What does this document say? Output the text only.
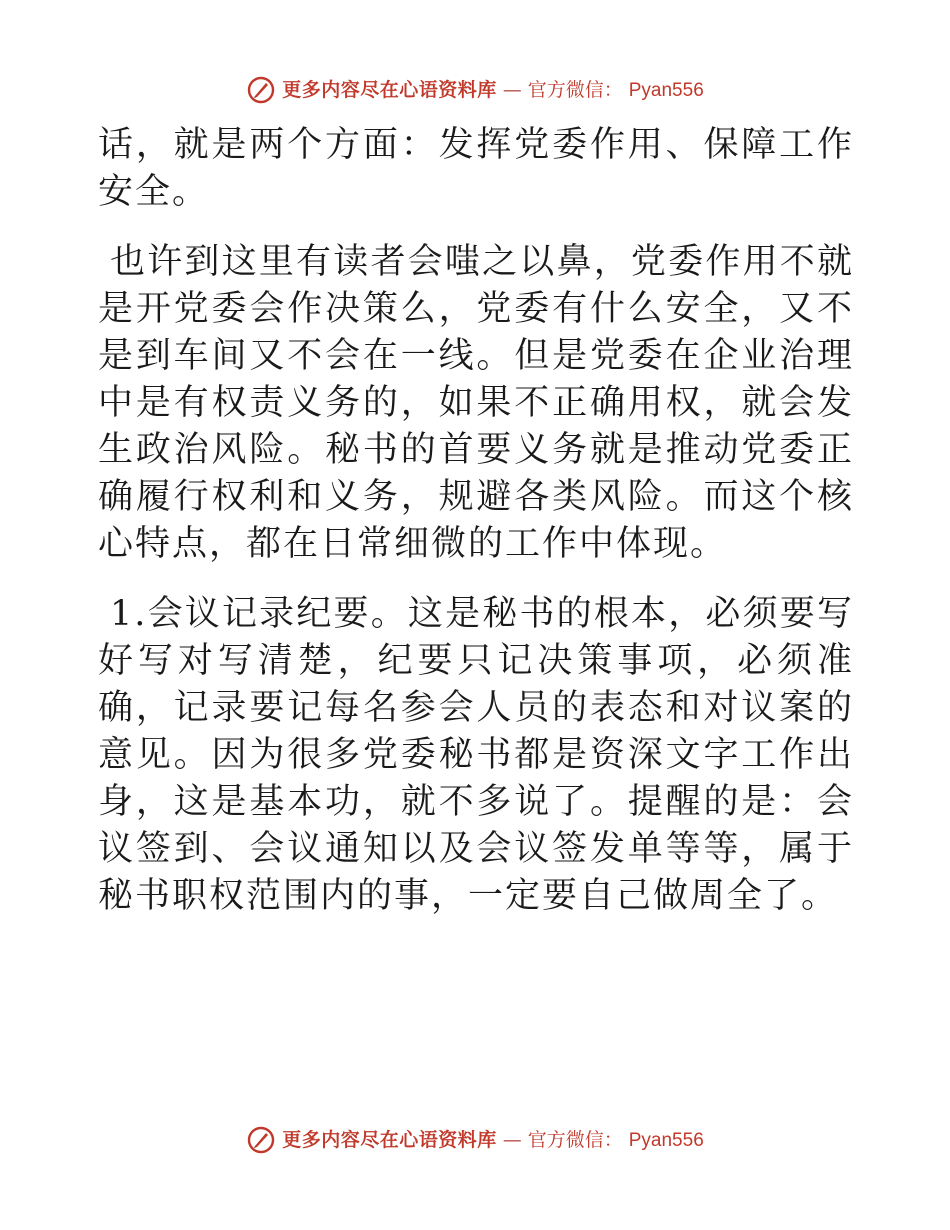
更多内容尽在心语资料库 — 官方微信： Pyan556

话，就是两个方面：发挥党委作用、保障工作安全。

也许到这里有读者会嗤之以鼻，党委作用不就是开党委会作决策么，党委有什么安全，又不是到车间又不会在一线。但是党委在企业治理中是有权责义务的，如果不正确用权，就会发生政治风险。秘书的首要义务就是推动党委正确履行权利和义务，规避各类风险。而这个核心特点，都在日常细微的工作中体现。

1.会议记录纪要。这是秘书的根本，必须要写好写对写清楚，纪要只记决策事项，必须准确，记录要记每名参会人员的表态和对议案的意见。因为很多党委秘书都是资深文字工作出身，这是基本功，就不多说了。提醒的是：会议签到、会议通知以及会议签发单等等，属于秘书职权范围内的事，一定要自己做周全了。

更多内容尽在心语资料库 — 官方微信： Pyan556
